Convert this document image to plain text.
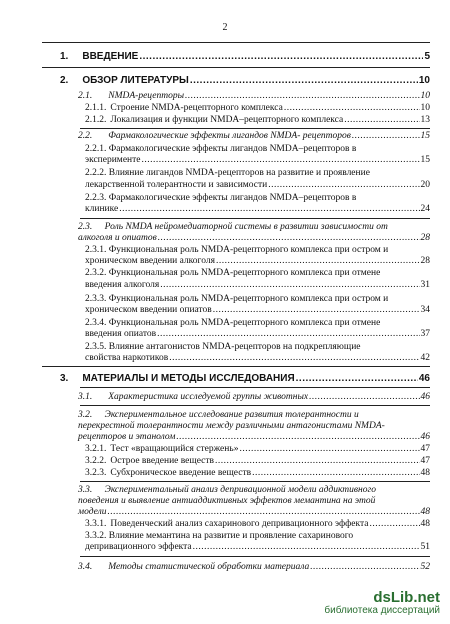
2
1. ВВЕДЕНИЕ .....	5
2. ОБЗОР ЛИТЕРАТУРЫ .....	10
2.1. NMDA-рецепторы .....	10
2.1.1. Строение NMDA-рецепторного комплекса .....	10
2.1.2. Локализация и функции NMDA–рецепторного комплекса .....	13
2.2. Фармакологические эффекты лигандов NMDA- рецепторов .....	15
2.2.1. Фармакологические эффекты лигандов NMDA–рецепторов в
эксперименте .....	15
2.2.2. Влияние лигандов NMDA-рецепторов на развитие и проявление
лекарственной толерантности и зависимости .....	20
2.2.3. Фармакологические эффекты лигандов NMDA–рецепторов в
клинике .....	24
2.3. Роль NMDA нейромедиаторной системы в развитии зависимости от
алкоголя и опиатов .....	28
2.3.1. Функциональная роль NMDA-рецепторного комплекса при остром и
хроническом введении алкоголя .....	28
2.3.2. Функциональная роль NMDA-рецепторного комплекса при отмене
введения алкоголя .....	31
2.3.3. Функциональная роль NMDA-рецепторного комплекса при остром и
хроническом введении опиатов .....	34
2.3.4. Функциональная роль NMDA-рецепторного комплекса при отмене
введения опиатов .....	37
2.3.5. Влияние антагонистов NMDA-рецепторов на подкрепляющие
свойства наркотиков .....	42
3. МАТЕРИАЛЫ И МЕТОДЫ ИССЛЕДОВАНИЯ .....	46
3.1. Характеристика исследуемой группы животных .....	46
3.2. Экспериментальное исследование развития толерантности и
перекрестной толерантности между различными антагонистами NMDA-
рецепторов и этанолом .....	46
3.2.1. Тест «вращающийся стержень» .....	47
3.2.2. Острое введение веществ .....	47
3.2.3. Субхроническое введение веществ .....	48
3.3. Экспериментальный анализ депривационной модели аддиктивного
поведения и выявление антиаддиктивных эффектов мемантина на этой
модели .....	48
3.3.1. Поведенческий анализ сахаринового депривационного эффекта .....	48
3.3.2. Влияние мемантина на развитие и проявление сахаринового
депривационного эффекта .....	51
3.4. Методы статистической обработки материала .....	52
dsLib.net
библиотека диссертаций
